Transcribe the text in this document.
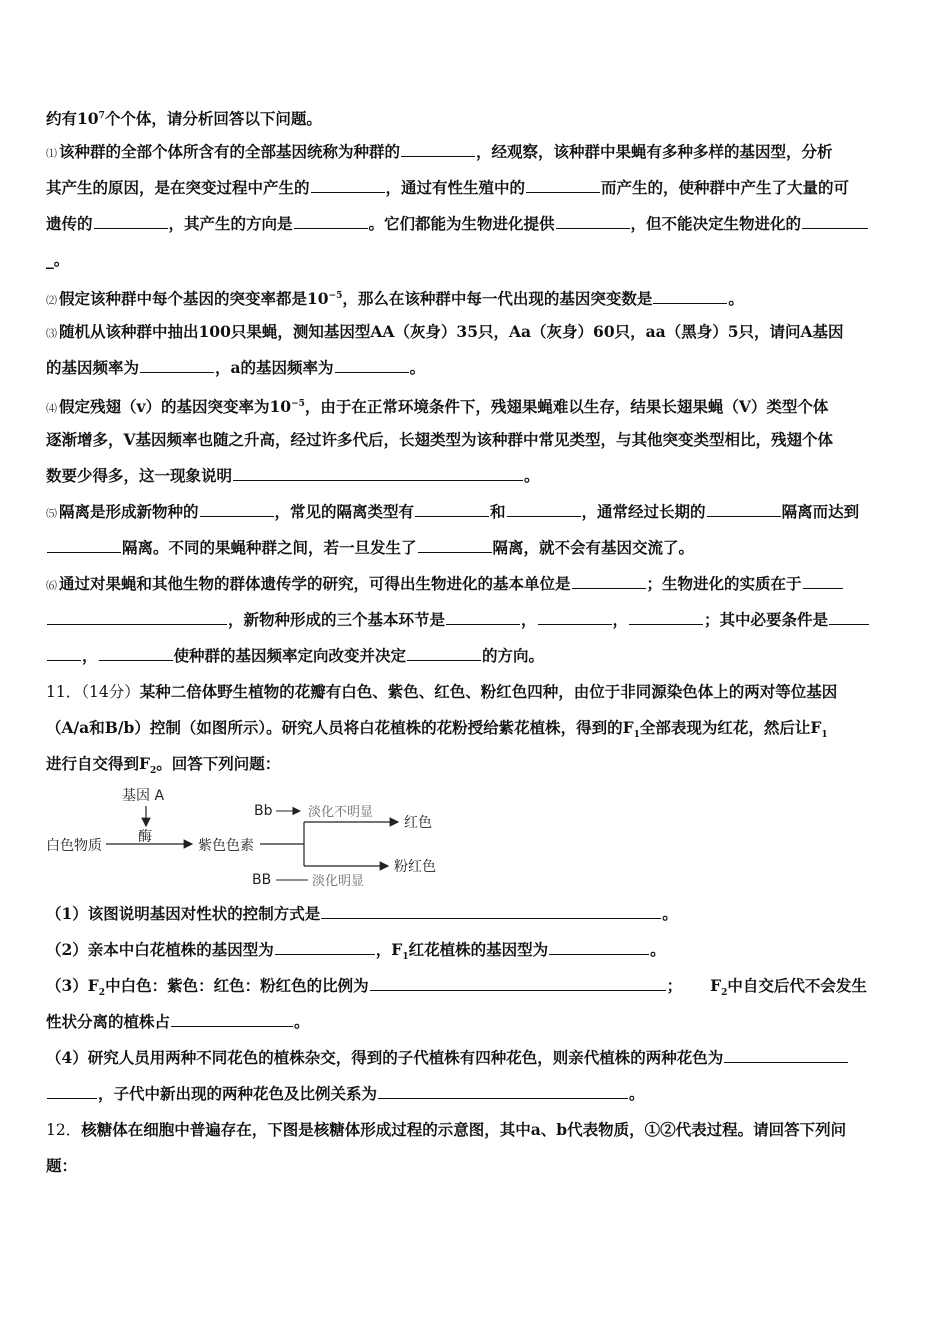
约有$10^7$个个体，请分析回答以下问题。
⑴ 该种群的全部个体所含有的全部基因统称为种群的	，经观察，该种群中果蝇有多种多样的基因型，分析
其产生的原因，是在突变过程中产生的	，通过有性生殖中的	而产生的，使种群中产生了大量的可
遗传的	，其产生的方向是	。它们都能为生物进化提供	，但不能决定生物进化的
_。
⑵ 假定该种群中每个基因的突变率都是$10^{-5}$，那么在该种群中每一代出现的基因突变数是	。
⑶ 随机从该种群中抽出100只果蝇，测知基因型AA（灰身）35只，Aa（灰身）60只，aa（黑身）5只，请问A基因
的基因频率为	，a的基因频率为	。
⑷ 假定残翅（v）的基因突变率为$10^{-5}$，由于在正常环境条件下，残翅果蝇难以生存，结果长翅果蝇（V）类型个体
逐渐增多，V基因频率也随之升高，经过许多代后，长翅类型为该种群中常见类型，与其他突变类型相比，残翅个体
数要少得多，这一现象说明	。
⑸ 隔离是形成新物种的	，常见的隔离类型有	和	，通常经过长期的	隔离而达到
隔离。不同的果蝇种群之间，若一旦发生了	隔离，就不会有基因交流了。
⑹ 通过对果蝇和其他生物的群体遗传学的研究，可得出生物进化的基本单位是	；生物进化的实质在于
，新物种形成的三个基本环节是	，	，	；其中必要条件是
，	使种群的基因频率定向改变并决定	的方向。
11．（14分）某种二倍体野生植物的花瓣有白色、紫色、红色、粉红色四种，由位于非同源染色体上的两对等位基因
（A/a和B/b）控制（如图所示）。研究人员将白花植株的花粉授给紫花植株，得到的$F_1$全部表现为红花，然后让$F_1$
进行自交得到$F_2$。回答下列问题：
基因 A
酶
白色物质	紫色色素
Bb	淡化不明显
红色
BB	淡化明显
粉红色
（1）该图说明基因对性状的控制方式是	。
（2）亲本中白花植株的基因型为	，$F_1$红花植株的基因型为	。
$(3)F_2$中白色：紫色：红色：粉红色的比例为	； $F_2$中自交后代不会发生
性状分离的植株占	。
（4）研究人员用两种不同花色的植株杂交，得到的子代植株有四种花色，则亲代植株的两种花色为
，子代中新出现的两种花色及比例关系为	。
12．核糖体在细胞中普遍存在，下图是核糖体形成过程的示意图，其中a、b代表物质，①②代表过程。请回答下列问
题：
